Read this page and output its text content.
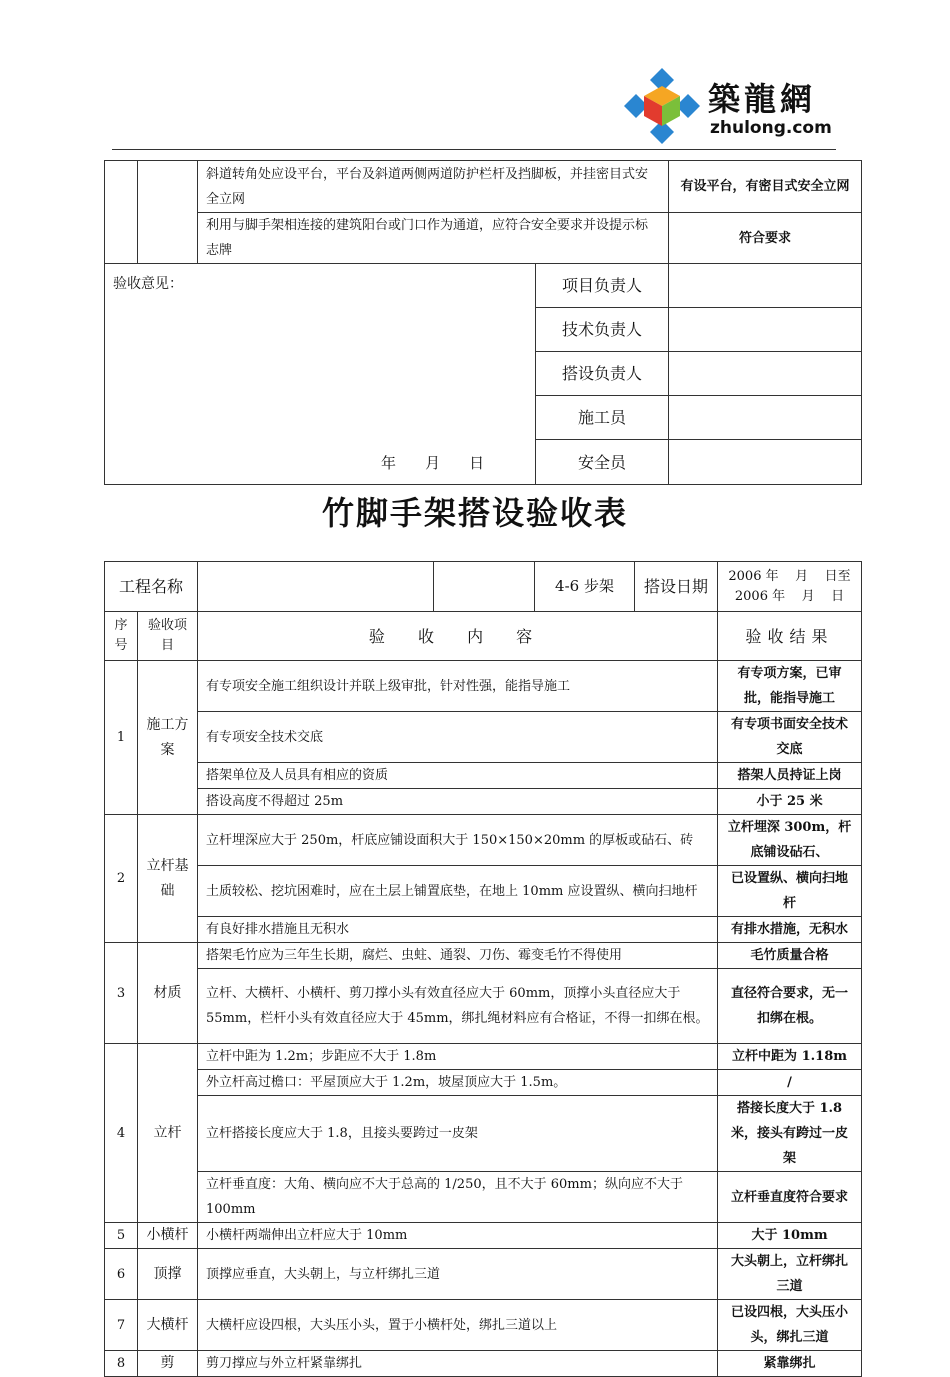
築龍網
zhulong.com
		斜道转角处应设平台，平台及斜道两侧两道防护栏杆及挡脚板，并挂密目式安全立网	有设平台，有密目式安全立网
		利用与脚手架相连接的建筑阳台或门口作为通道，应符合安全要求并设提示标志牌	符合要求
验收意见：
年    月    日	项目负责人	
	技术负责人	
	搭设负责人	
	施工员	
	安全员	
竹脚手架搭设验收表
工程名称				4-6 步架	搭设日期	2006 年    月    日至
2006 年    月    日

序号	验收项目	验 收 内 容				验收结果
1	施工方案	有专项安全施工组织设计并联上级审批，针对性强，能指导施工				有专项方案，已审批，能指导施工
		有专项安全技术交底				有专项书面安全技术交底
		搭架单位及人员具有相应的资质				搭架人员持证上岗
		搭设高度不得超过 25m				小于 25 米
2	立杆基础	立杆埋深应大于 250m，杆底应铺设面积大于 150×150×20mm 的厚板或砧石、砖				立杆埋深 300m，杆底铺设砧石、
		土质较松、挖坑困难时，应在土层上铺置底垫，在地上 10mm 应设置纵、横向扫地杆				已设置纵、横向扫地杆
		有良好排水措施且无积水				有排水措施，无积水
3	材质	搭架毛竹应为三年生长期，腐烂、虫蛀、通裂、刀伤、霉变毛竹不得使用				毛竹质量合格
		立杆、大横杆、小横杆、剪刀撑小头有效直径应大于 60mm，顶撑小头直径应大于 55mm，栏杆小头有效直径应大于 45mm，绑扎绳材料应有合格证，不得一扣绑在根。				直径符合要求，无一扣绑在根。
4	立杆	立杆中距为 1.2m；步距应不大于 1.8m				立杆中距为 1.18m
		外立杆高过檐口：平屋顶应大于 1.2m，坡屋顶应大于 1.5m。				/
		立杆搭接长度应大于 1.8，且接头要跨过一皮架				搭接长度大于 1.8 米，接头有跨过一皮架
		立杆垂直度：大角、横向应不大于总高的 1/250，且不大于 60mm；纵向应不大于 100mm				立杆垂直度符合要求
5	小横杆	小横杆两端伸出立杆应大于 10mm				大于 10mm
6	顶撑	顶撑应垂直，大头朝上，与立杆绑扎三道				大头朝上，立杆绑扎三道
7	大横杆	大横杆应设四根，大头压小头，置于小横杆处，绑扎三道以上				已设四根，大头压小头，绑扎三道
8	剪	剪刀撑应与外立杆紧靠绑扎				紧靠绑扎
